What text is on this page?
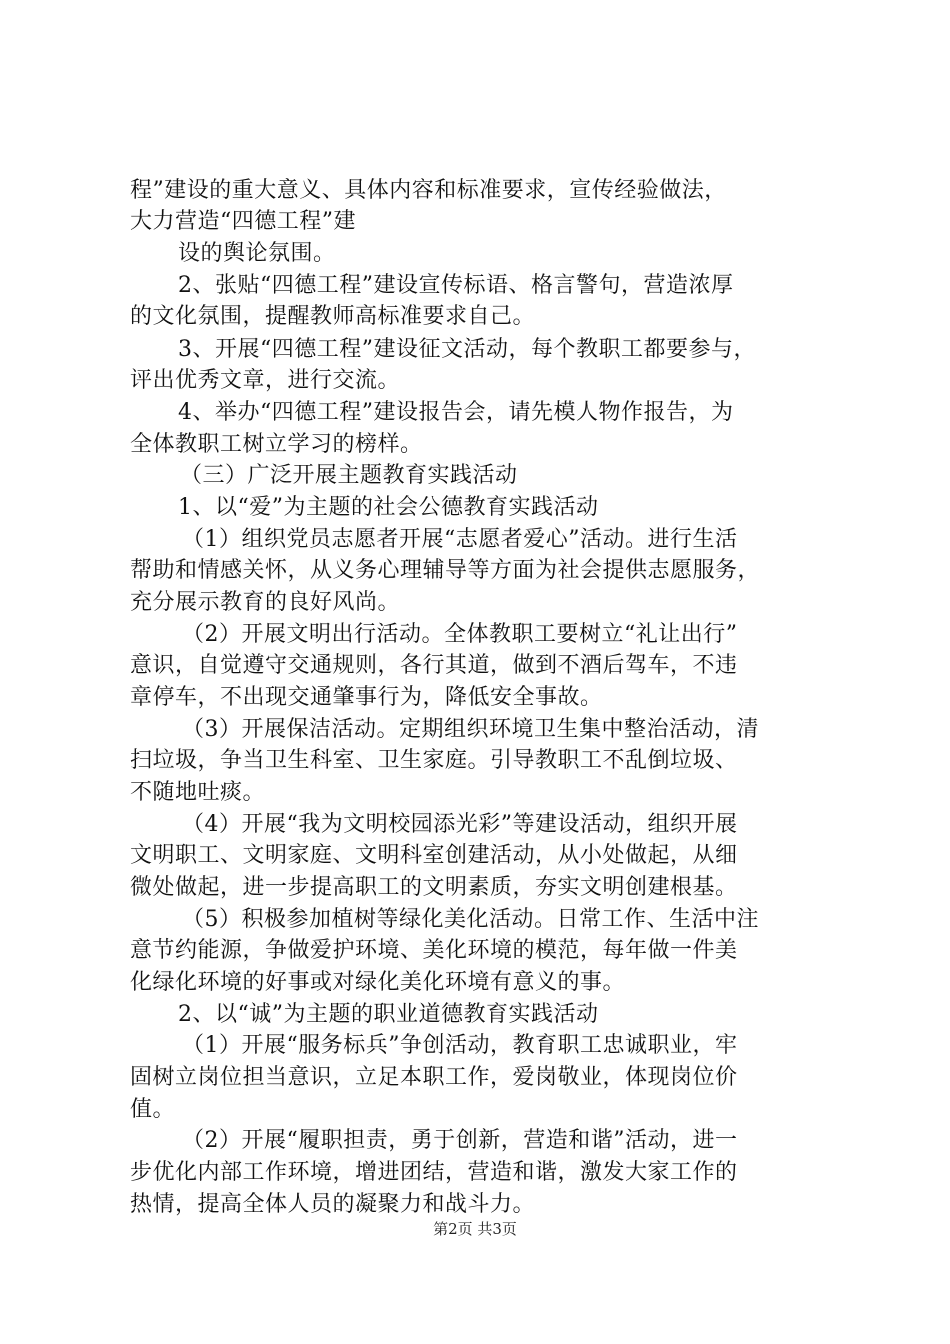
程”建设的重大意义、具体内容和标准要求，宣传经验做法，
大力营造“四德工程”建
设的舆论氛围。
2、张贴“四德工程”建设宣传标语、格言警句，营造浓厚
的文化氛围，提醒教师高标准要求自己。
3、开展“四德工程”建设征文活动，每个教职工都要参与，
评出优秀文章，进行交流。
4、举办“四德工程”建设报告会，请先模人物作报告，为
全体教职工树立学习的榜样。
（三）广泛开展主题教育实践活动
1、以“爱”为主题的社会公德教育实践活动
（1）组织党员志愿者开展“志愿者爱心”活动。进行生活
帮助和情感关怀，从义务心理辅导等方面为社会提供志愿服务，
充分展示教育的良好风尚。
（2）开展文明出行活动。全体教职工要树立“礼让出行”
意识，自觉遵守交通规则，各行其道，做到不酒后驾车，不违
章停车，不出现交通肇事行为，降低安全事故。
（3）开展保洁活动。定期组织环境卫生集中整治活动，清
扫垃圾，争当卫生科室、卫生家庭。引导教职工不乱倒垃圾、
不随地吐痰。
（4）开展“我为文明校园添光彩”等建设活动，组织开展
文明职工、文明家庭、文明科室创建活动，从小处做起，从细
微处做起，进一步提高职工的文明素质，夯实文明创建根基。
（5）积极参加植树等绿化美化活动。日常工作、生活中注
意节约能源，争做爱护环境、美化环境的模范，每年做一件美
化绿化环境的好事或对绿化美化环境有意义的事。
2、以“诚”为主题的职业道德教育实践活动
（1）开展“服务标兵”争创活动，教育职工忠诚职业，牢
固树立岗位担当意识，立足本职工作，爱岗敬业，体现岗位价
值。
（2）开展“履职担责，勇于创新，营造和谐”活动，进一
步优化内部工作环境，增进团结，营造和谐，激发大家工作的
热情，提高全体人员的凝聚力和战斗力。
第2页 共3页
